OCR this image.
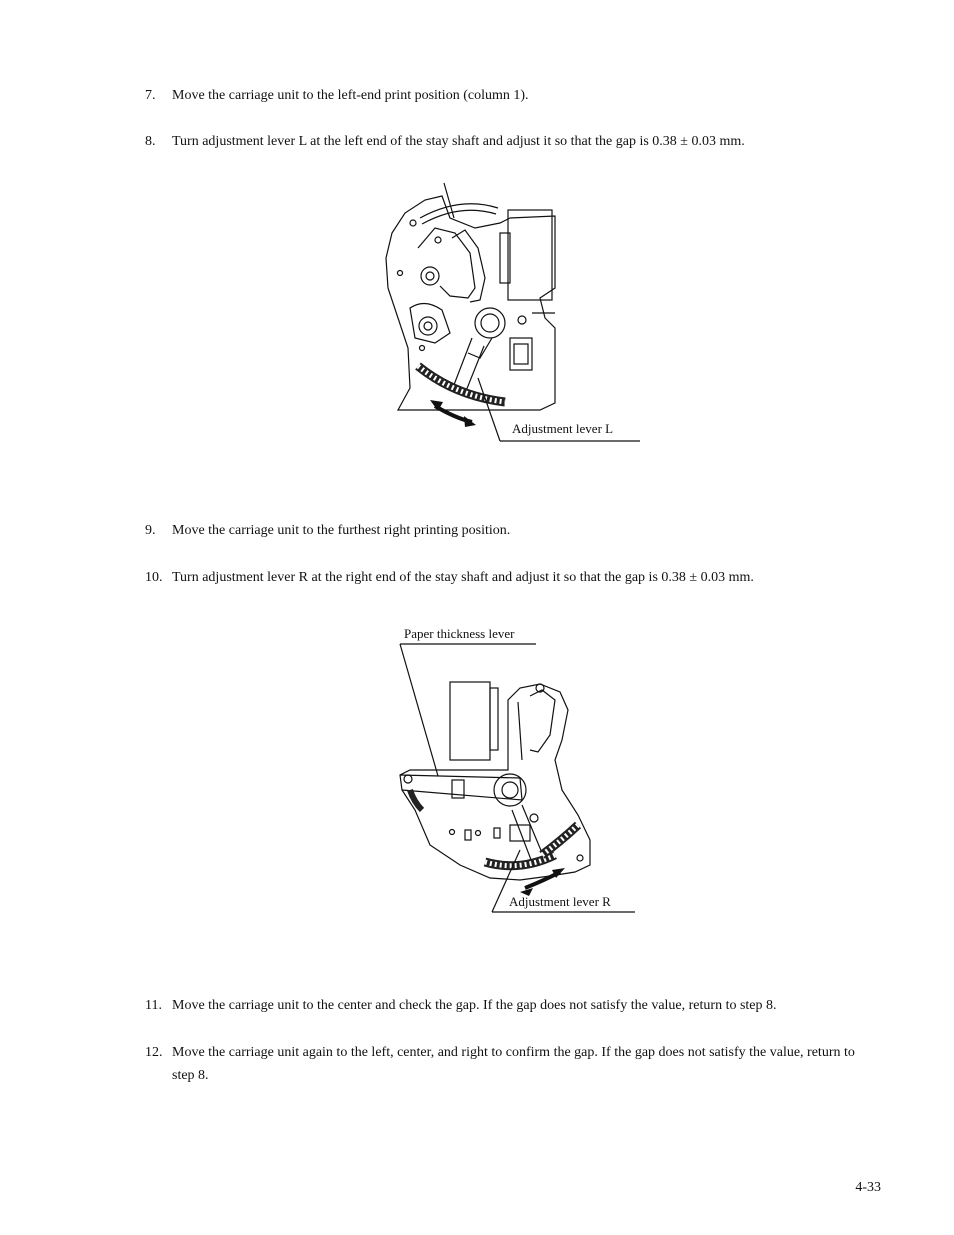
7.	Move the carriage unit to the left-end print position (column 1).
8.	Turn adjustment lever L at the left end of the stay shaft and adjust it so that the gap is 0.38 ± 0.03 mm.
Adjustment lever L
9.	Move the carriage unit to the furthest right printing position.
10. Turn adjustment lever R at the right end of the stay shaft and adjust it so that the gap is 0.38 ± 0.03 mm.
Paper thickness lever
Adjustment lever R
11. Move the carriage unit to the center and check the gap. If the gap does not satisfy the value, return to step 8.
12. Move the carriage unit again to the left, center, and right to confirm the gap. If the gap does not satisfy the value, return to step 8.
4-33
